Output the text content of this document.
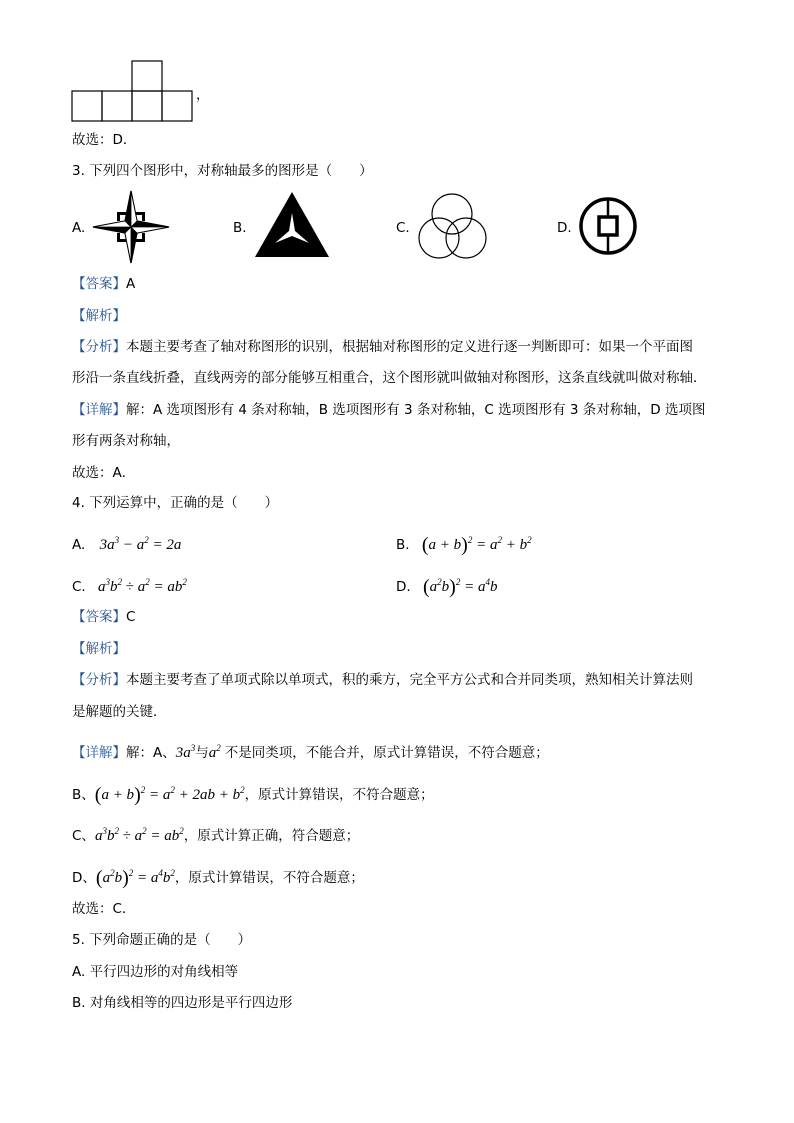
，
故选：D．
3. 下列四个图形中，对称轴最多的图形是（　　）
A.	B.	C.	D.
【答案】A
【解析】
【分析】本题主要考查了轴对称图形的识别，根据轴对称图形的定义进行逐一判断即可：如果一个平面图
形沿一条直线折叠，直线两旁的部分能够互相重合，这个图形就叫做轴对称图形，这条直线就叫做对称轴．
【详解】解：A 选项图形有 4 条对称轴，B 选项图形有 3 条对称轴，C 选项图形有 3 条对称轴，D 选项图
形有两条对称轴，
故选：A．
4. 下列运算中，正确的是（　　）
A. $3a^3 - a^2 = 2a$	B. $(a + b)^2 = a^2 + b^2$
C. $a^3b^2 \div a^2 = ab^2$	D. $(a^2b)^2 = a^4b$
【答案】C
【解析】
【分析】本题主要考查了单项式除以单项式，积的乘方，完全平方公式和合并同类项，熟知相关计算法则
是解题的关键．
【详解】解：A、$3a^3$与$a^2$ 不是同类项，不能合并，原式计算错误，不符合题意；
B、$(a + b)^2 = a^2 + 2ab + b^2$，原式计算错误，不符合题意；
C、$a^3b^2 \div a^2 = ab^2$，原式计算正确，符合题意；
D、$(a^2b)^2 = a^4b^2$，原式计算错误，不符合题意；
故选：C．
5. 下列命题正确的是（　　）
A. 平行四边形的对角线相等
B. 对角线相等的四边形是平行四边形
